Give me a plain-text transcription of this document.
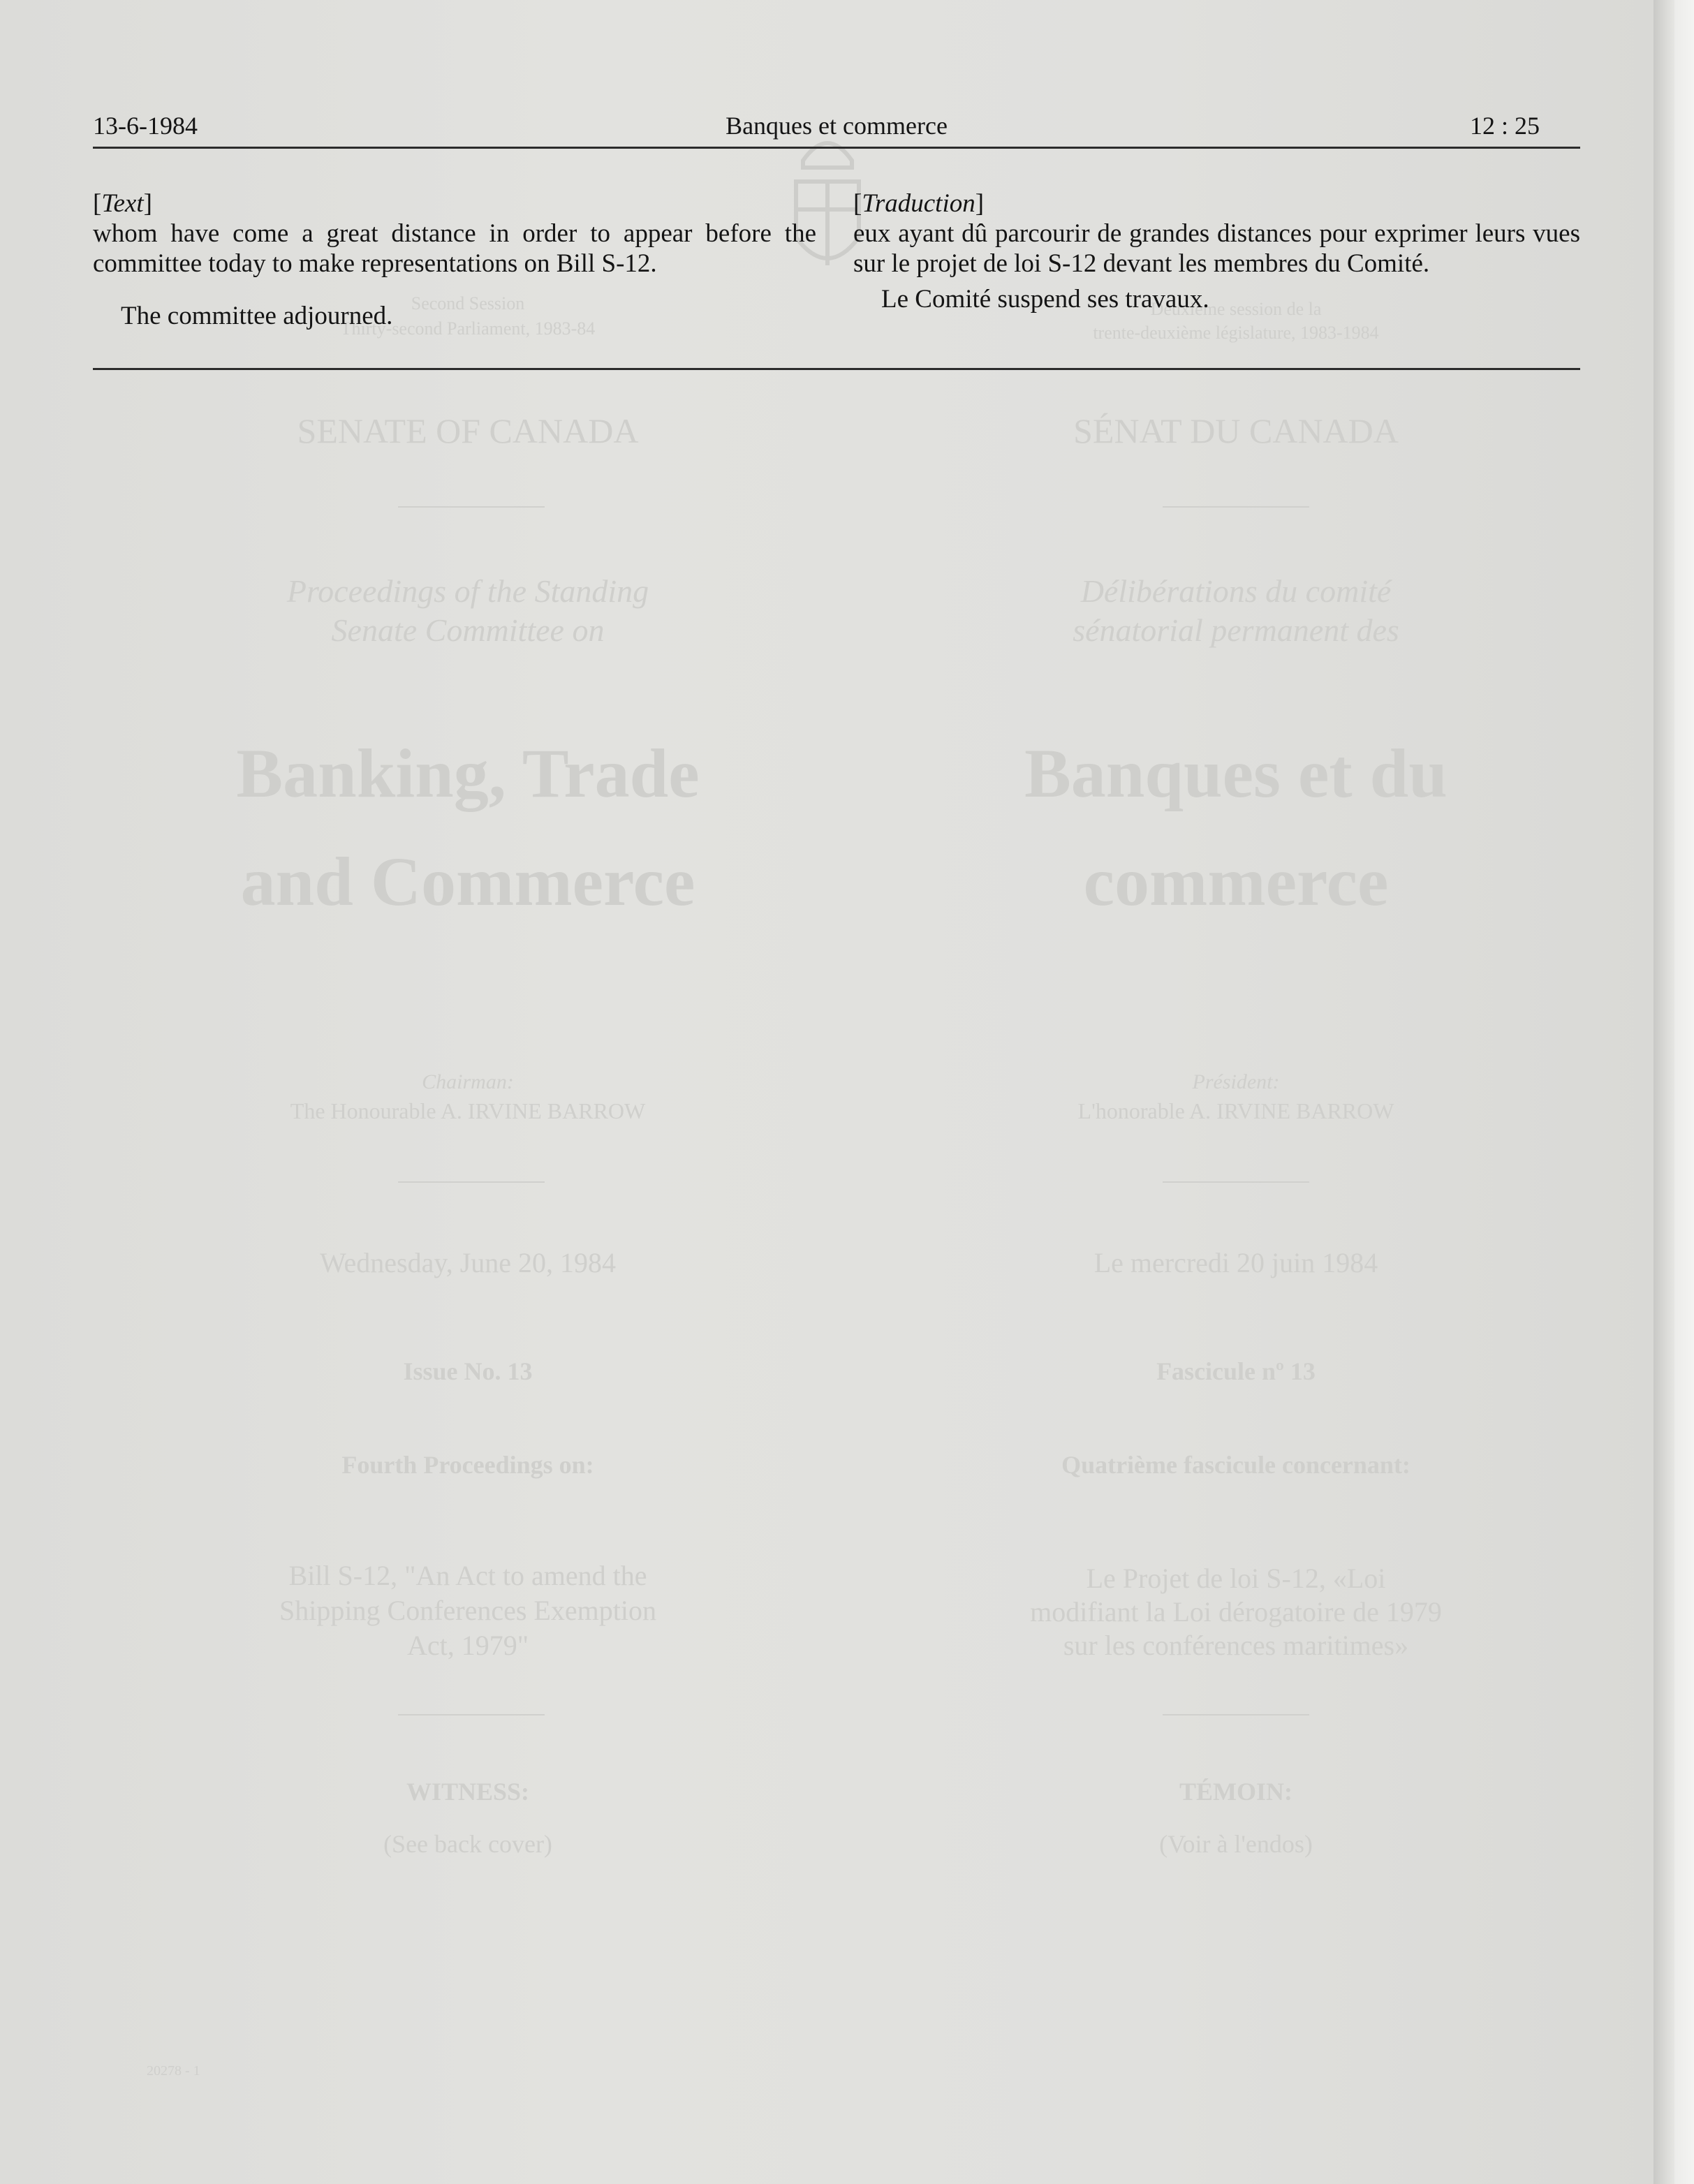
Second Session
Thirty-second Parliament, 1983-84
Deuxième session de la
trente-deuxième législature, 1983-1984
SENATE OF CANADA	SÉNAT DU CANADA
Proceedings of the Standing
Senate Committee on
Délibérations du comité
sénatorial permanent des
Banking, Trade
and Commerce
Banques et du
commerce
Chairman:
The Honourable A. IRVINE BARROW
Président:
L'honorable A. IRVINE BARROW
Wednesday, June 20, 1984	Le mercredi 20 juin 1984
Issue No. 13	Fascicule nº 13
Fourth Proceedings on:	Quatrième fascicule concernant:
Bill S-12, "An Act to amend the
Shipping Conferences Exemption
Act, 1979"
Le Projet de loi S-12, «Loi
modifiant la Loi dérogatoire de 1979
sur les conférences maritimes»
WITNESS:
(See back cover)
TÉMOIN:
(Voir à l'endos)
20278 - 1
13-6-1984	Banques et commerce	12 : 25

[Text]

whom have come a great distance in order to appear before the committee today to make representations on Bill S-12.

The committee adjourned.

[Traduction]

eux ayant dû parcourir de grandes distances pour exprimer leurs vues sur le projet de loi S-12 devant les membres du Comité.

Le Comité suspend ses travaux.
